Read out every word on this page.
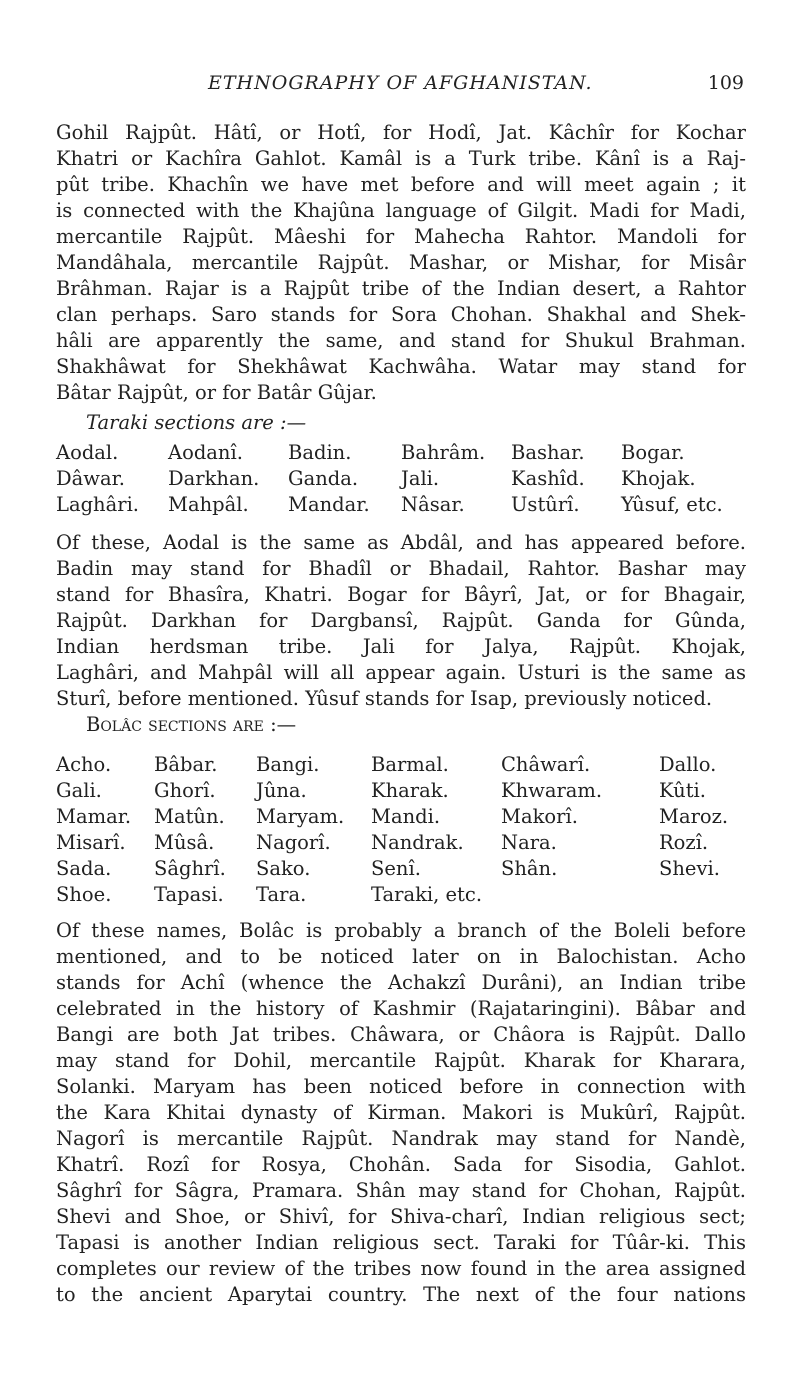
ETHNOGRAPHY OF AFGHANISTAN.	109
Gohil Rajpût. Hâtî, or Hotî, for Hodî, Jat. Kâchîr for Kochar
Khatri or Kachîra Gahlot. Kamâl is a Turk tribe. Kânî is a Raj-
pût tribe. Khachîn we have met before and will meet again ; it
is connected with the Khajûna language of Gilgit. Madi for Madi,
mercantile Rajpût. Mâeshi for Mahecha Rahtor. Mandoli for
Mandâhala, mercantile Rajpût. Mashar, or Mishar, for Misâr
Brâhman. Rajar is a Rajpût tribe of the Indian desert, a Rahtor
clan perhaps. Saro stands for Sora Chohan. Shakhal and Shek-
hâli are apparently the same, and stand for Shukul Brahman.
Shakhâwat for Shekhâwat Kachwâha. Watar may stand for
Bâtar Rajpût, or for Batâr Gûjar.
Taraki sections are :—
Aodal.	Aodanî. Badin.	Bahrâm. Bashar. Bogar.
Dâwar. Darkhan. Ganda. Jali.	Kashîd. Khojak.
Laghâri. Mahpâl. Mandar. Nâsar. Ustûrî. Yûsuf, etc.
Of these, Aodal is the same as Abdâl, and has appeared before.
Badin may stand for Bhadîl or Bhadail, Rahtor. Bashar may
stand for Bhasîra, Khatri. Bogar for Bâyrî, Jat, or for Bhagair,
Rajpût. Darkhan for Dargbansî, Rajpût. Ganda for Gûnda,
Indian herdsman tribe. Jali for Jalya, Rajpût. Khojak,
Laghâri, and Mahpâl will all appear again. Usturi is the same as
Sturî, before mentioned. Yûsuf stands for Isap, previously noticed.
Bolâc sections are :—
Acho. Bâbar. Bangi.	Barmal.	Châwarî.	Dallo.
Gali.	Ghorî. Jûna.	Kharak.	Khwaram.	Kûti.
Mamar. Matûn. Maryam. Mandi.	Makorî.	Maroz.
Misarî. Mûsâ. Nagorî. Nandrak. Nara.	Rozî.
Sada. Sâghrî. Sako.	Senî.	Shân.	Shevi.
Shoe. Tapasi. Tara.	Taraki, etc.
Of these names, Bolâc is probably a branch of the Boleli before
mentioned, and to be noticed later on in Balochistan. Acho
stands for Achî (whence the Achakzî Durâni), an Indian tribe
celebrated in the history of Kashmir (Rajataringini). Bâbar and
Bangi are both Jat tribes. Châwara, or Châora is Rajpût. Dallo
may stand for Dohil, mercantile Rajpût. Kharak for Kharara,
Solanki. Maryam has been noticed before in connection with
the Kara Khitai dynasty of Kirman. Makori is Mukûrî, Rajpût.
Nagorî is mercantile Rajpût. Nandrak may stand for Nandè,
Khatrî. Rozî for Rosya, Chohân. Sada for Sisodia, Gahlot.
Sâghrî for Sâgra, Pramara. Shân may stand for Chohan, Rajpût.
Shevi and Shoe, or Shivî, for Shiva-charî, Indian religious sect;
Tapasi is another Indian religious sect. Taraki for Tûâr-ki. This
completes our review of the tribes now found in the area assigned
to the ancient Aparytai country. The next of the four nations
